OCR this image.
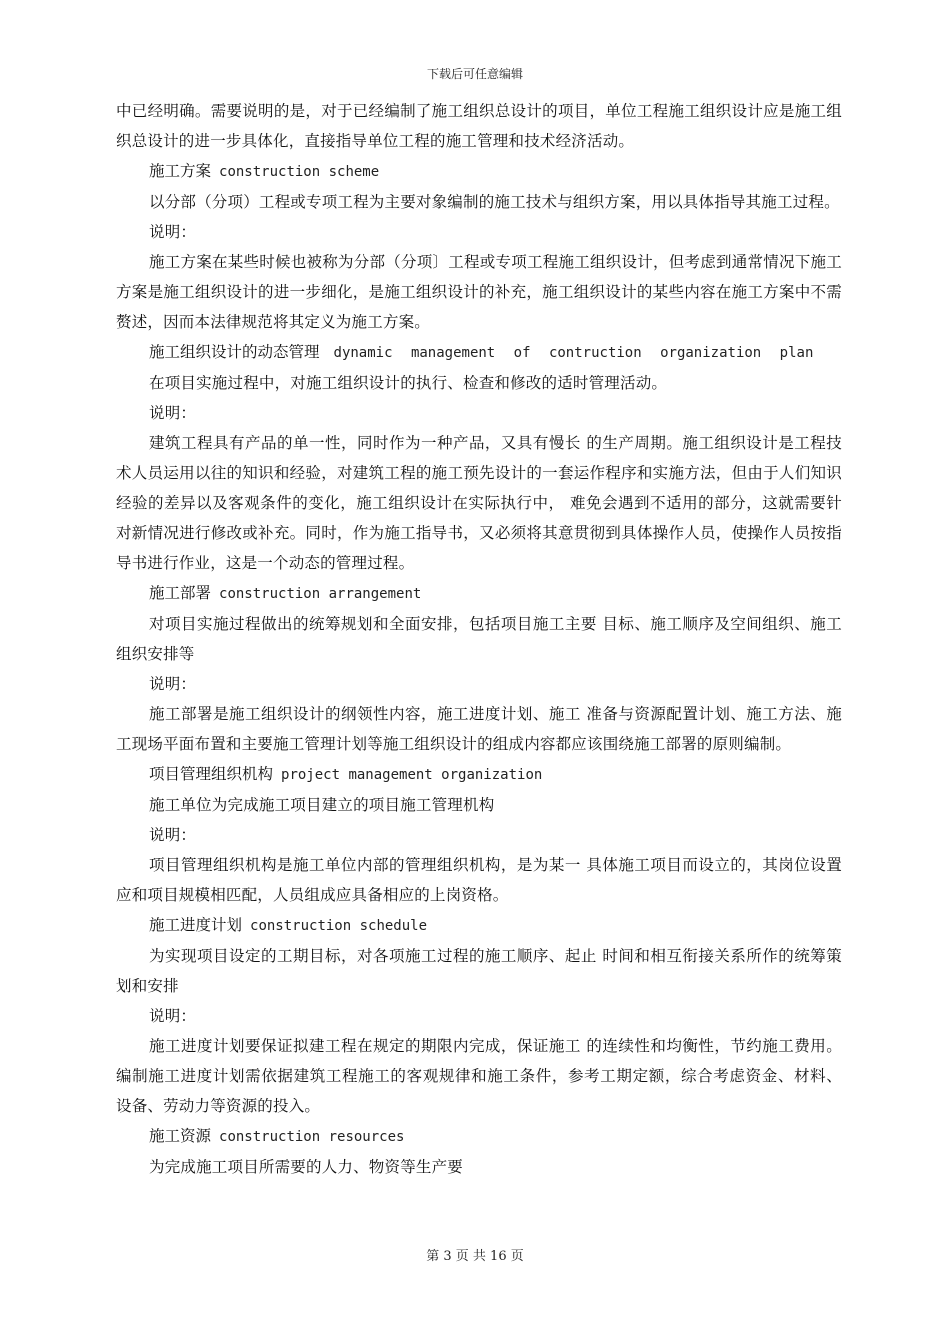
下载后可任意编辑

中已经明确。需要说明的是，对于已经编制了施工组织总设计的项目，单位工程施工组织设计应是施工组织总设计的进一步具体化，直接指导单位工程的施工管理和技术经济活动。

施工方案 construction scheme

以分部（分项）工程或专项工程为主要对象编制的施工技术与组织方案，用以具体指导其施工过程。

说明：

施工方案在某些时候也被称为分部（分项〕工程或专项工程施工组织设计，但考虑到通常情况下施工方案是施工组织设计的进一步细化，是施工组织设计的补充，施工组织设计的某些内容在施工方案中不需赘述，因而本法律规范将其定义为施工方案。

施工组织设计的动态管理 dynamic management of contruction organization plan

在项目实施过程中，对施工组织设计的执行、检查和修改的适时管理活动。

说明：

建筑工程具有产品的单一性，同时作为一种产品，又具有慢长 的生产周期。施工组织设计是工程技术人员运用以往的知识和经验，对建筑工程的施工预先设计的一套运作程序和实施方法，但由于人们知识经验的差异以及客观条件的变化，施工组织设计在实际执行中， 难免会遇到不适用的部分，这就需要针对新情况进行修改或补充。同时，作为施工指导书，又必须将其意贯彻到具体操作人员，使操作人员按指导书进行作业，这是一个动态的管理过程。

施工部署 construction arrangement

对项目实施过程做出的统筹规划和全面安排，包括项目施工主要 目标、施工顺序及空间组织、施工组织安排等

说明：

施工部署是施工组织设计的纲领性内容，施工进度计划、施工 准备与资源配置计划、施工方法、施工现场平面布置和主要施工管理计划等施工组织设计的组成内容都应该围绕施工部署的原则编制。

项目管理组织机构 project management organization

施工单位为完成施工项目建立的项目施工管理机构

说明：

项目管理组织机构是施工单位内部的管理组织机构，是为某一 具体施工项目而设立的，其岗位设置应和项目规模相匹配，人员组成应具备相应的上岗资格。

施工进度计划 construction schedule

为实现项目设定的工期目标，对各项施工过程的施工顺序、起止 时间和相互衔接关系所作的统筹策划和安排

说明：

施工进度计划要保证拟建工程在规定的期限内完成，保证施工 的连续性和均衡性，节约施工费用。编制施工进度计划需依据建筑工程施工的客观规律和施工条件，参考工期定额，综合考虑资金、材料、 设备、劳动力等资源的投入。

施工资源 construction resources

为完成施工项目所需要的人力、物资等生产要

第 3 页 共 16 页
